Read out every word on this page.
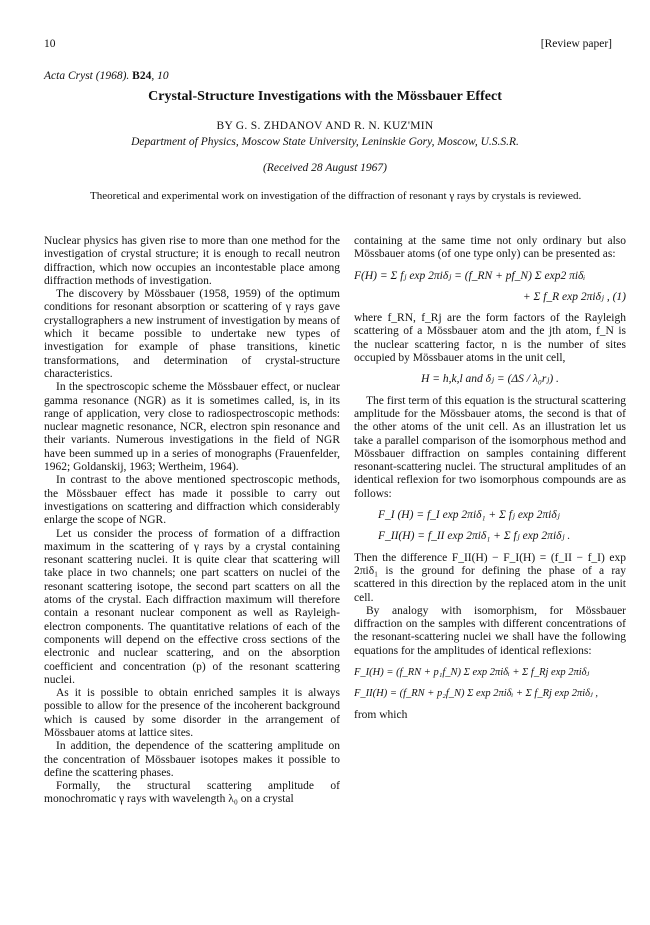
10	[Review paper]
Acta Cryst (1968). B24, 10
Crystal-Structure Investigations with the Mössbauer Effect
BY G. S. ZHDANOV AND R. N. KUZ'MIN
Department of Physics, Moscow State University, Leninskie Gory, Moscow, U.S.S.R.
(Received 28 August 1967)
Theoretical and experimental work on investigation of the diffraction of resonant γ rays by crystals is reviewed.

Nuclear physics has given rise to more than one method for the investigation of crystal structure; it is enough to recall neutron diffraction, which now occupies an incontestable place among diffraction methods of investigation.

The discovery by Mössbauer (1958, 1959) of the optimum conditions for resonant absorption or scattering of γ rays gave crystallographers a new instrument of investigation by means of which it became possible to undertake new types of investigation for example of phase transitions, kinetic transformations, and determination of crystal-structure characteristics.

In the spectroscopic scheme the Mössbauer effect, or nuclear gamma resonance (NGR) as it is sometimes called, is, in its range of application, very close to radiospectroscopic methods: nuclear magnetic resonance, NCR, electron spin resonance and their variants. Numerous investigations in the field of NGR have been summed up in a series of monographs (Frauenfelder, 1962; Goldanskij, 1963; Wertheim, 1964).

In contrast to the above mentioned spectroscopic methods, the Mössbauer effect has made it possible to carry out investigations on scattering and diffraction which considerably enlarge the scope of NGR.

Let us consider the process of formation of a diffraction maximum in the scattering of γ rays by a crystal containing resonant scattering nuclei. It is quite clear that scattering will take place in two channels; one part scatters on nuclei of the resonant scattering isotope, the second part scatters on all the atoms of the crystal. Each diffraction maximum will therefore contain a resonant nuclear component as well as Rayleigh-electron components. The quantitative relations of each of the components will depend on the effective cross sections of the electronic and nuclear scattering, and on the absorption coefficient and concentration (p) of the resonant scattering nuclei.

As it is possible to obtain enriched samples it is always possible to allow for the presence of the incoherent background which is caused by some disorder in the arrangement of Mössbauer atoms at lattice sites.

In addition, the dependence of the scattering amplitude on the concentration of Mössbauer isotopes makes it possible to define the scattering phases.

Formally, the structural scattering amplitude of monochromatic γ rays with wavelength λ₀ on a crystal

containing at the same time not only ordinary but also Mössbauer atoms (of one type only) can be presented as:

F(H) = Σ fⱼ exp 2πiδⱼ = (f_RN + pf_N) Σ exp2 πiδᵢ
+ Σ f_R exp 2πiδⱼ , (1)

where f_RN, f_Rj are the form factors of the Rayleigh scattering of a Mössbauer atom and the jth atom, f_N is the nuclear scattering factor, n is the number of sites occupied by Mössbauer atoms in the unit cell,

H = h,k,l and δⱼ = (ΔS / λ₀rⱼ) .

The first term of this equation is the structural scattering amplitude for the Mössbauer atoms, the second is that of the other atoms of the unit cell. As an illustration let us take a parallel comparison of the isomorphous method and Mössbauer diffraction on samples containing different resonant-scattering nuclei. The structural amplitudes of an identical reflexion for two isomorphous compounds are as follows:

F_I (H) = f_I exp 2πiδ₁ + Σ fⱼ exp 2πiδⱼ
F_II(H) = f_II exp 2πiδ₁ + Σ fⱼ exp 2πiδⱼ .

Then the difference F_II(H) − F_I(H) = (f_II − f_I) exp 2πiδ₁ is the ground for defining the phase of a ray scattered in this direction by the replaced atom in the unit cell.

By analogy with isomorphism, for Mössbauer diffraction on the samples with different concentrations of the resonant-scattering nuclei we shall have the following equations for the amplitudes of identical reflexions:

F_I(H) = (f_RN + p₁f_N) Σ exp 2πiδᵢ + Σ f_Rj exp 2πiδⱼ
F_II(H) = (f_RN + p₂f_N) Σ exp 2πiδᵢ + Σ f_Rj exp 2πiδⱼ ,

from which
